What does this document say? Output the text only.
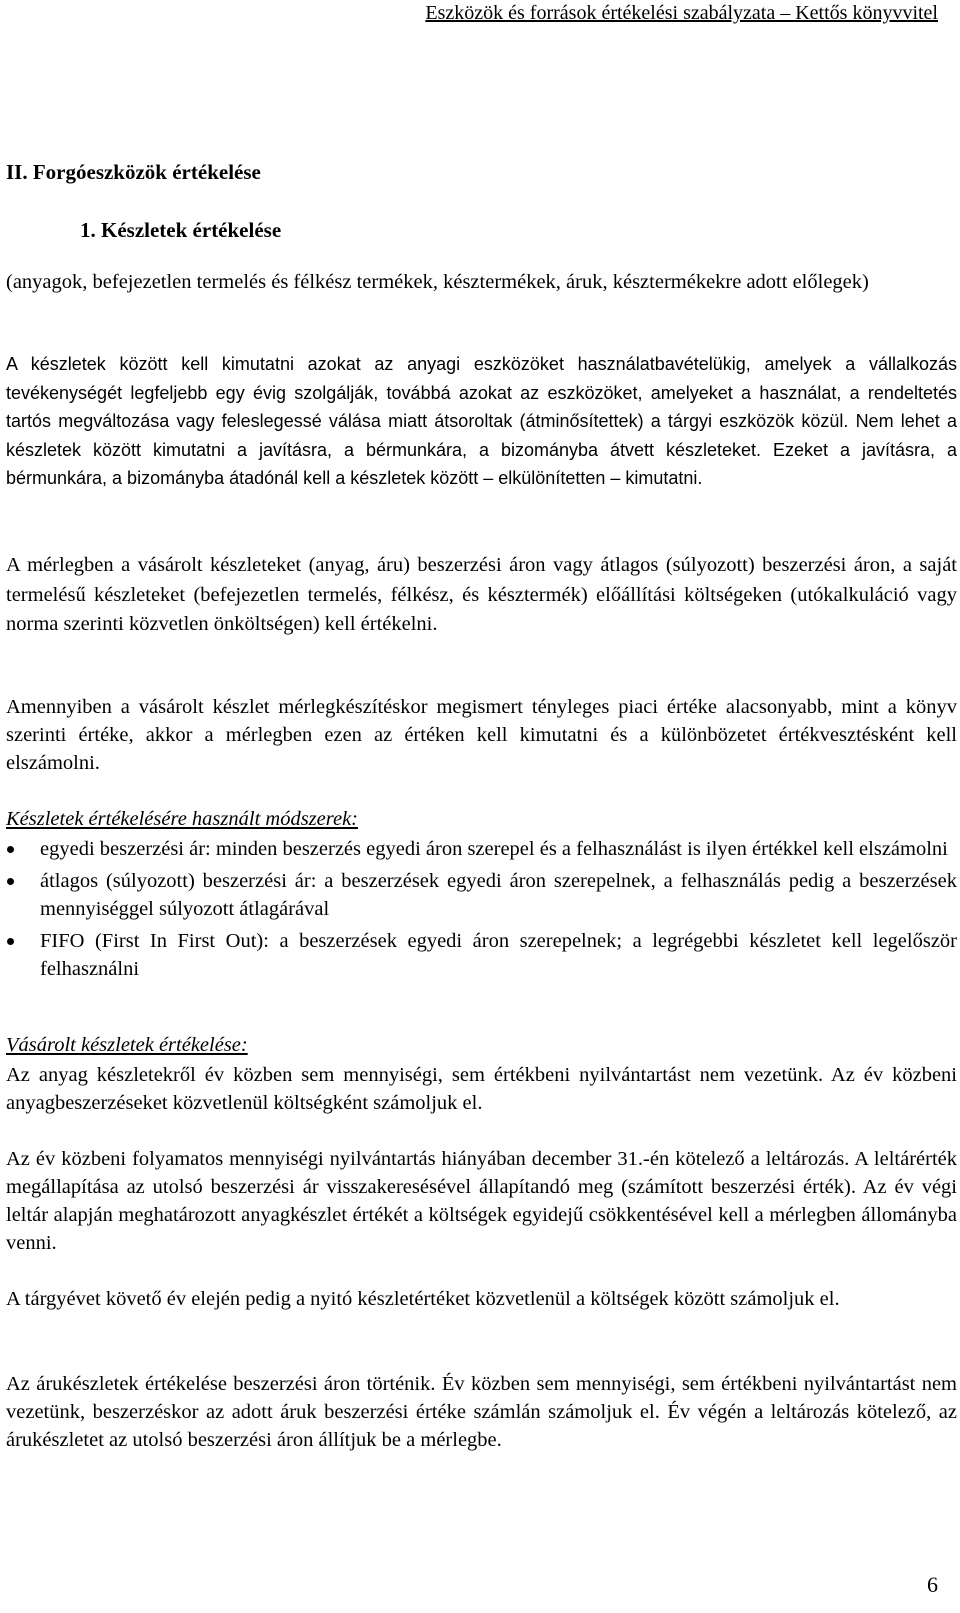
Eszközök és források értékelési szabályzata – Kettős könyvvitel
II. Forgóeszközök értékelése
1. Készletek értékelése

(anyagok, befejezetlen termelés és félkész termékek, késztermékek, áruk, késztermékekre adott előlegek)

A készletek között kell kimutatni azokat az anyagi eszközöket használatbavételükig, amelyek a vállalkozás tevékenységét legfeljebb egy évig szolgálják, továbbá azokat az eszközöket, amelyeket a használat, a rendeltetés tartós megváltozása vagy feleslegessé válása miatt átsoroltak (átminősítettek) a tárgyi eszközök közül. Nem lehet a készletek között kimutatni a javításra, a bérmunkára, a bizományba átvett készleteket. Ezeket a javításra, a bérmunkára, a bizományba átadónál kell a készletek között – elkülönítetten – kimutatni.

A mérlegben a vásárolt készleteket (anyag, áru) beszerzési áron vagy átlagos (súlyozott) beszerzési áron, a saját termelésű készleteket (befejezetlen termelés, félkész, és késztermék) előállítási költségeken (utókalkuláció vagy norma szerinti közvetlen önköltségen) kell értékelni.

Amennyiben a vásárolt készlet mérlegkészítéskor megismert tényleges piaci értéke alacsonyabb, mint a könyv szerinti értéke, akkor a mérlegben ezen az értéken kell kimutatni és a különbözetet értékvesztésként kell elszámolni.

Készletek értékelésére használt módszerek:

egyedi beszerzési ár: minden beszerzés egyedi áron szerepel és a felhasználást is ilyen értékkel kell elszámolni
átlagos (súlyozott) beszerzési ár: a beszerzések egyedi áron szerepelnek, a felhasználás pedig a beszerzések mennyiséggel súlyozott átlagárával
FIFO (First In First Out): a beszerzések egyedi áron szerepelnek; a legrégebbi készletet kell legelőször felhasználni

Vásárolt készletek értékelése:

Az anyag készletekről év közben sem mennyiségi, sem értékbeni nyilvántartást nem vezetünk. Az év közbeni anyagbeszerzéseket közvetlenül költségként számoljuk el.

Az év közbeni folyamatos mennyiségi nyilvántartás hiányában december 31.-én kötelező a leltározás. A leltárérték megállapítása az utolsó beszerzési ár visszakeresésével állapítandó meg (számított beszerzési érték). Az év végi leltár alapján meghatározott anyagkészlet értékét a költségek egyidejű csökkentésével kell a mérlegben állományba venni.

A tárgyévet követő év elején pedig a nyitó készletértéket közvetlenül a költségek között számoljuk el.

Az árukészletek értékelése beszerzési áron történik. Év közben sem mennyiségi, sem értékbeni nyilvántartást nem vezetünk, beszerzéskor az adott áruk beszerzési értéke számlán számoljuk el. Év végén a leltározás kötelező, az árukészletet az utolsó beszerzési áron állítjuk be a mérlegbe.

6
